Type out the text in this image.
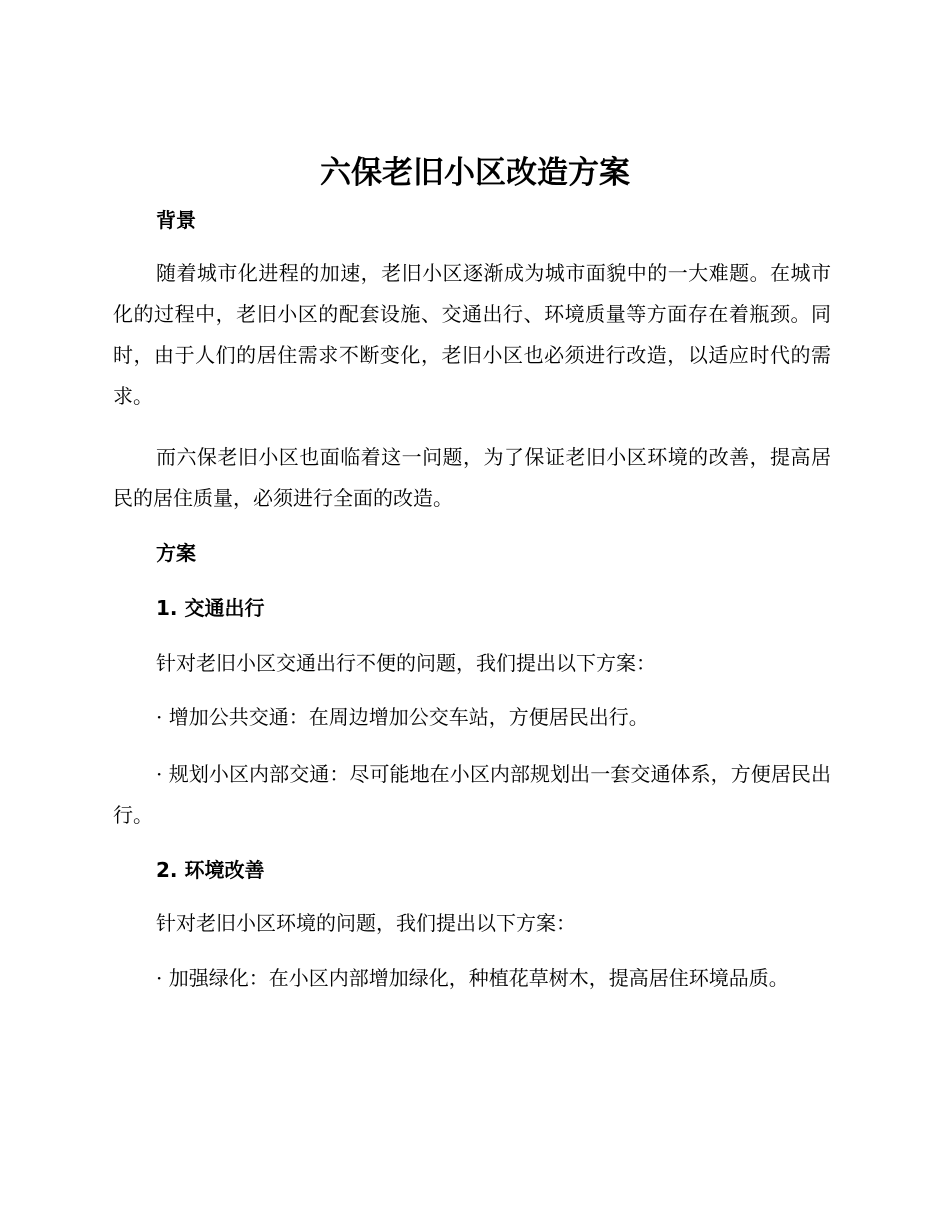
六保老旧小区改造方案
背景

随着城市化进程的加速，老旧小区逐渐成为城市面貌中的一大难题。在城市化的过程中，老旧小区的配套设施、交通出行、环境质量等方面存在着瓶颈。同时，由于人们的居住需求不断变化，老旧小区也必须进行改造，以适应时代的需求。

而六保老旧小区也面临着这一问题，为了保证老旧小区环境的改善，提高居民的居住质量，必须进行全面的改造。

方案
1. 交通出行

针对老旧小区交通出行不便的问题，我们提出以下方案：

· 增加公共交通：在周边增加公交车站，方便居民出行。

· 规划小区内部交通：尽可能地在小区内部规划出一套交通体系，方便居民出行。

2. 环境改善

针对老旧小区环境的问题，我们提出以下方案：

· 加强绿化：在小区内部增加绿化，种植花草树木，提高居住环境品质。
